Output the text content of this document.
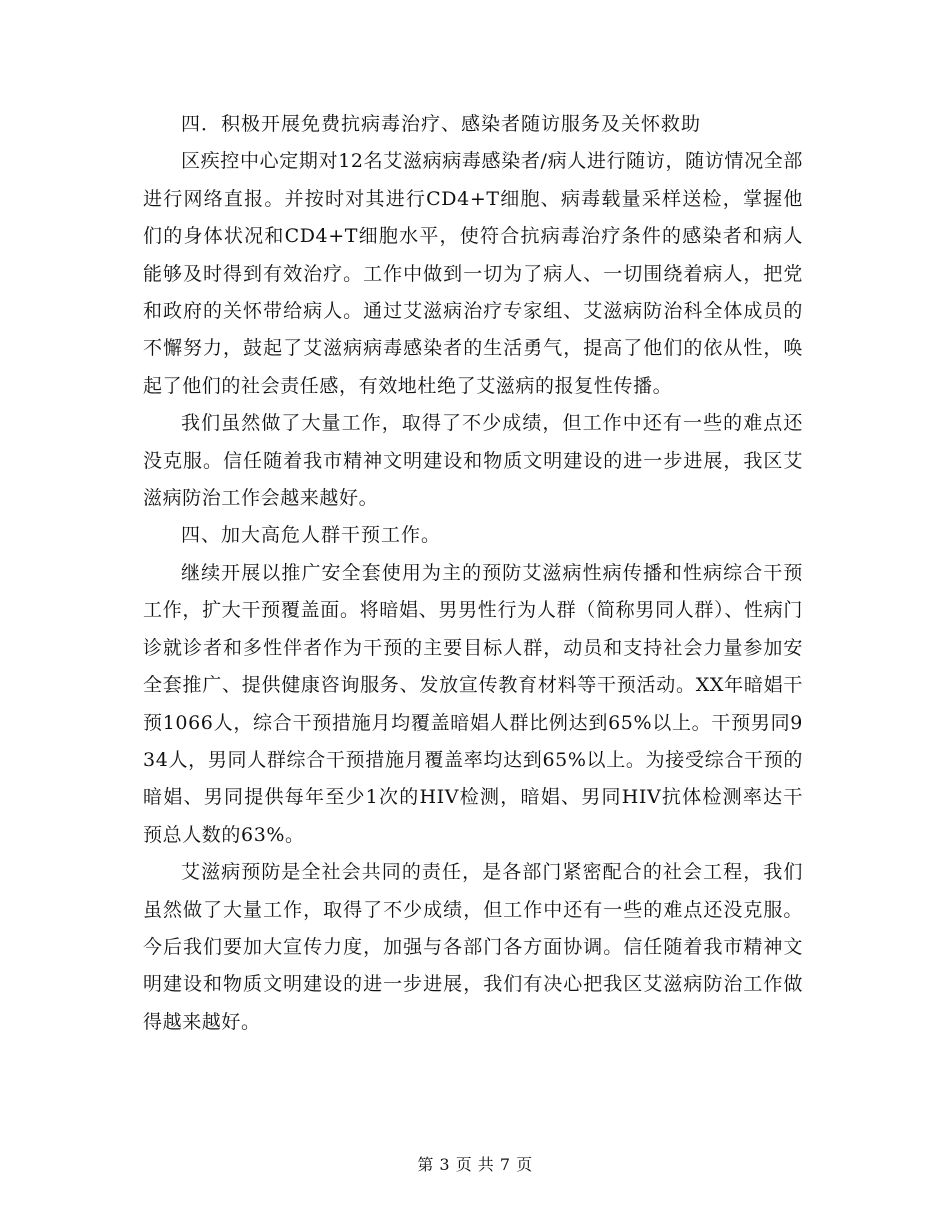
四．积极开展免费抗病毒治疗、感染者随访服务及关怀救助

区疾控中心定期对12名艾滋病病毒感染者/病人进行随访，随访情况全部进行网络直报。并按时对其进行CD4+T细胞、病毒载量采样送检，掌握他们的身体状况和CD4+T细胞水平，使符合抗病毒治疗条件的感染者和病人能够及时得到有效治疗。工作中做到一切为了病人、一切围绕着病人，把党和政府的关怀带给病人。通过艾滋病治疗专家组、艾滋病防治科全体成员的不懈努力，鼓起了艾滋病病毒感染者的生活勇气，提高了他们的依从性，唤起了他们的社会责任感，有效地杜绝了艾滋病的报复性传播。

我们虽然做了大量工作，取得了不少成绩，但工作中还有一些的难点还没克服。信任随着我市精神文明建设和物质文明建设的进一步进展，我区艾滋病防治工作会越来越好。

四、加大高危人群干预工作。

继续开展以推广安全套使用为主的预防艾滋病性病传播和性病综合干预工作，扩大干预覆盖面。将暗娼、男男性行为人群（简称男同人群）、性病门诊就诊者和多性伴者作为干预的主要目标人群，动员和支持社会力量参加安全套推广、提供健康咨询服务、发放宣传教育材料等干预活动。XX年暗娼干预1066人，综合干预措施月均覆盖暗娼人群比例达到65%以上。干预男同934人，男同人群综合干预措施月覆盖率均达到65%以上。为接受综合干预的暗娼、男同提供每年至少1次的HIV检测，暗娼、男同HIV抗体检测率达干预总人数的63%。

艾滋病预防是全社会共同的责任，是各部门紧密配合的社会工程，我们虽然做了大量工作，取得了不少成绩，但工作中还有一些的难点还没克服。今后我们要加大宣传力度，加强与各部门各方面协调。信任随着我市精神文明建设和物质文明建设的进一步进展，我们有决心把我区艾滋病防治工作做得越来越好。

第 3 页 共 7 页
